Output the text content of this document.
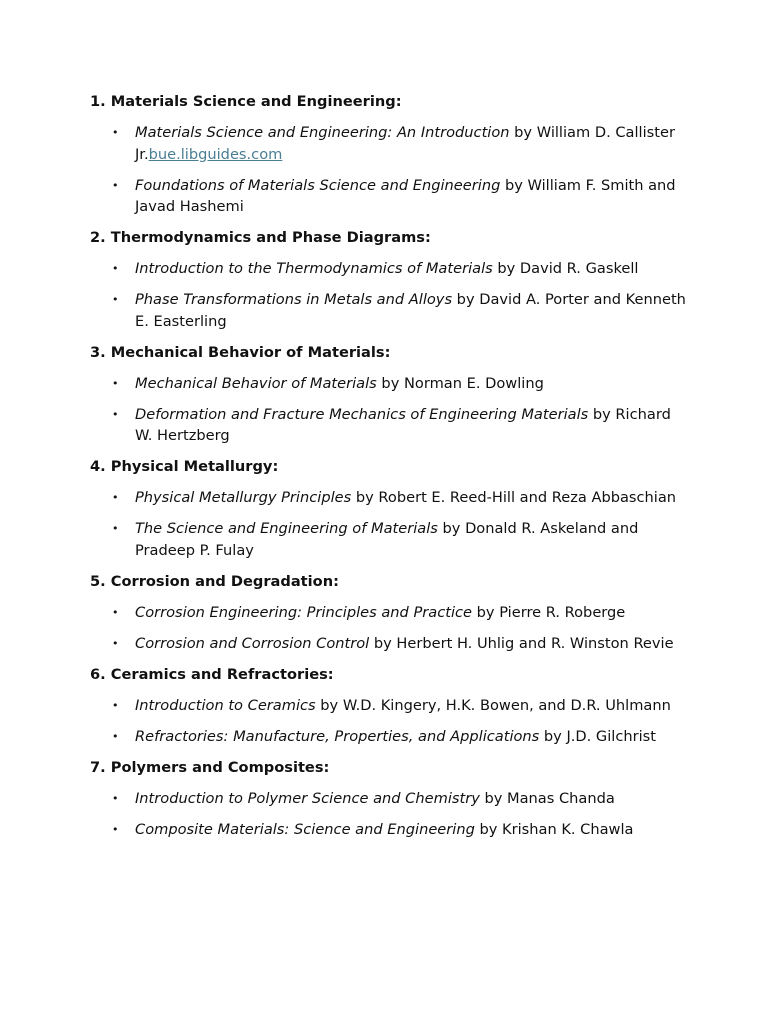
1. Materials Science and Engineering:
• Materials Science and Engineering: An Introduction by William D. Callister Jr.bue.libguides.com
• Foundations of Materials Science and Engineering by William F. Smith and Javad Hashemi
2. Thermodynamics and Phase Diagrams:
• Introduction to the Thermodynamics of Materials by David R. Gaskell
• Phase Transformations in Metals and Alloys by David A. Porter and Kenneth E. Easterling
3. Mechanical Behavior of Materials:
• Mechanical Behavior of Materials by Norman E. Dowling
• Deformation and Fracture Mechanics of Engineering Materials by Richard W. Hertzberg
4. Physical Metallurgy:
• Physical Metallurgy Principles by Robert E. Reed-Hill and Reza Abbaschian
• The Science and Engineering of Materials by Donald R. Askeland and Pradeep P. Fulay
5. Corrosion and Degradation:
• Corrosion Engineering: Principles and Practice by Pierre R. Roberge
• Corrosion and Corrosion Control by Herbert H. Uhlig and R. Winston Revie
6. Ceramics and Refractories:
• Introduction to Ceramics by W.D. Kingery, H.K. Bowen, and D.R. Uhlmann
• Refractories: Manufacture, Properties, and Applications by J.D. Gilchrist
7. Polymers and Composites:
• Introduction to Polymer Science and Chemistry by Manas Chanda
• Composite Materials: Science and Engineering by Krishan K. Chawla
